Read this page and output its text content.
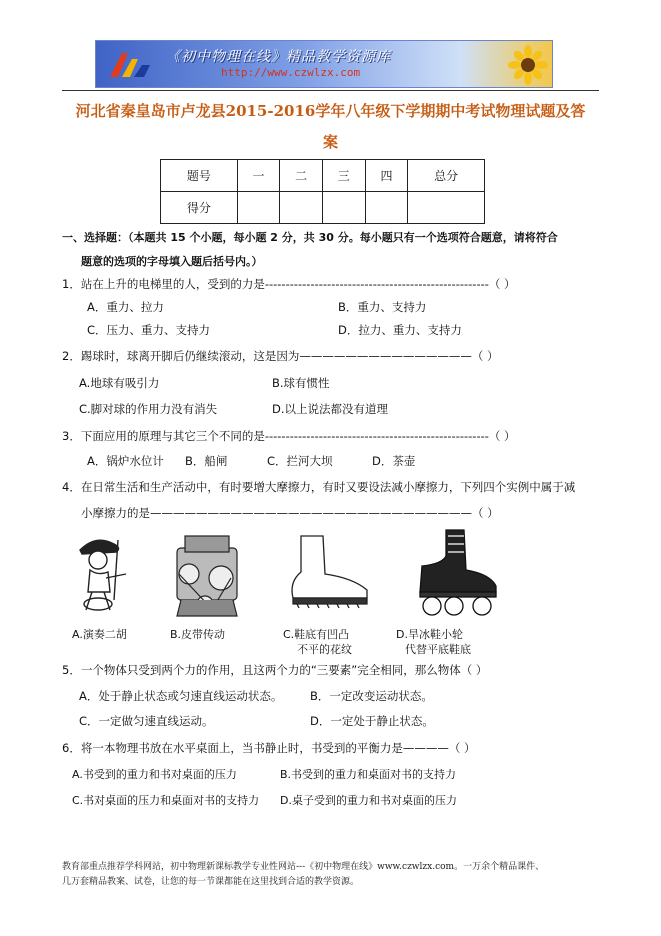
《初中物理在线》精品教学资源库
http://www.czwlzx.com
河北省秦皇岛市卢龙县2015-2016学年八年级下学期期中考试物理试题及答
案
题号	一	二	三	四	总分
得分					
一、选择题：（本题共 15 个小题，每小题 2 分，共 30 分。每小题只有一个选项符合题意，请将符合
题意的选项的字母填入题后括号内。）
1．站在上升的电梯里的人，受到的力是------------------------------------------------------（ ）
A．重力、拉力	B．重力、支持力
C．压力、重力、支持力	D．拉力、重力、支持力
2．踢球时，球离开脚后仍继续滚动，这是因为———————————————（ ）
A.地球有吸引力	B.球有惯性
C.脚对球的作用力没有消失	D.以上说法都没有道理
3．下面应用的原理与其它三个不同的是------------------------------------------------------（ ）
A．锅炉水位计 B．船闸	C．拦河大坝	D．茶壶
4．在日常生活和生产活动中，有时要增大摩擦力，有时又要设法减小摩擦力，下列四个实例中属于减
小摩擦力的是————————————————————————————（ ）
A.演奏二胡	B.皮带传动	C.鞋底有凹凸
不平的花纹
D.旱冰鞋小轮
代替平底鞋底
5．一个物体只受到两个力的作用，且这两个力的“三要素”完全相同，那么物体（ ）
A．处于静止状态或匀速直线运动状态。 B．一定改变运动状态。
C．一定做匀速直线运动。	D．一定处于静止状态。
6．将一本物理书放在水平桌面上，当书静止时，书受到的平衡力是————（ ）
A.书受到的重力和书对桌面的压力	B.书受到的重力和桌面对书的支持力
C.书对桌面的压力和桌面对书的支持力 D.桌子受到的重力和书对桌面的压力
教育部重点推荐学科网站，初中物理新课标教学专业性网站---《初中物理在线》www.czwlzx.com。一万余个精品课件、
几万套精品教案、试卷，让您的每一节课都能在这里找到合适的教学资源。
